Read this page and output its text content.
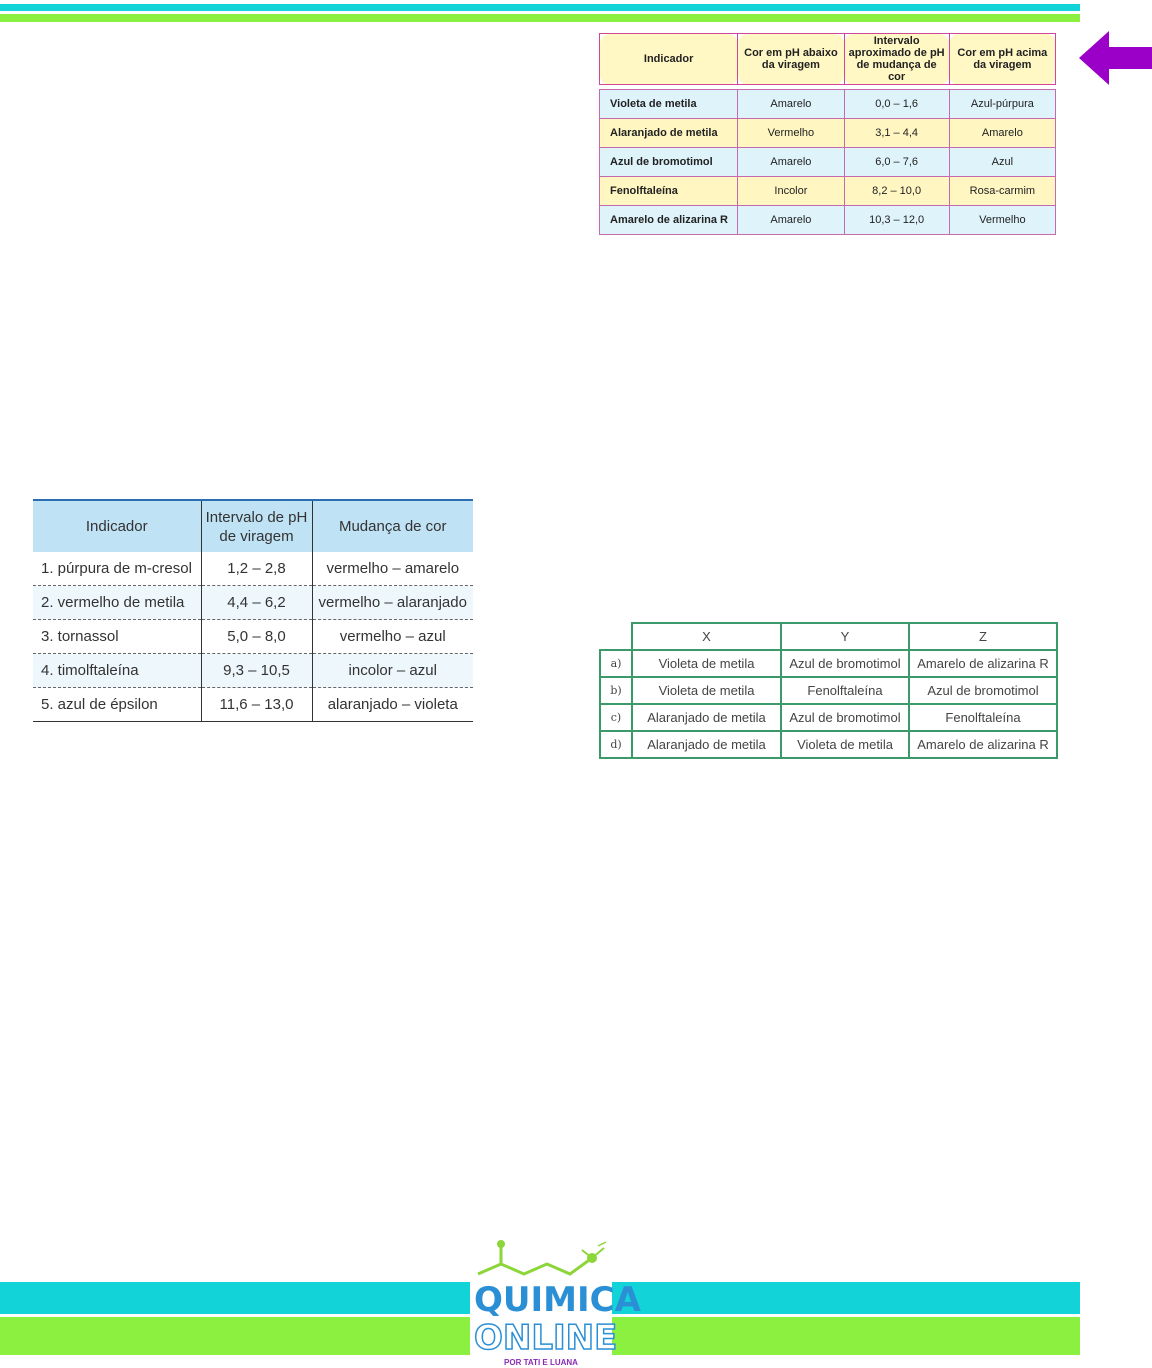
Indicador	Cor em pH abaixo da viragem	Intervalo aproximado de pH de mudança de cor	Cor em pH acima da viragem

Violeta de metila	Amarelo	0,0 – 1,6	Azul-púrpura
Alaranjado de metila	Vermelho	3,1 – 4,4	Amarelo
Azul de bromotimol	Amarelo	6,0 – 7,6	Azul
Fenolftaleína	Incolor	8,2 – 10,0	Rosa-carmim
Amarelo de alizarina R	Amarelo	10,3 – 12,0	Vermelho
Indicador	Intervalo de pH de viragem	Mudança de cor
1. púrpura de m-cresol	1,2 – 2,8	vermelho – amarelo
2. vermelho de metila	4,4 – 6,2	vermelho – alaranjado
3. tornassol	5,0 – 8,0	vermelho – azul
4. timolftaleína	9,3 – 10,5	incolor – azul
5. azul de épsilon	11,6 – 13,0	alaranjado – violeta
	X	Y	Z
a)	Violeta de metila	Azul de bromotimol	Amarelo de alizarina R
b)	Violeta de metila	Fenolftaleína	Azul de bromotimol
c)	Alaranjado de metila	Azul de bromotimol	Fenolftaleína
d)	Alaranjado de metila	Violeta de metila	Amarelo de alizarina R
QUIMICA
ONLINE
POR TATI E LUANA
